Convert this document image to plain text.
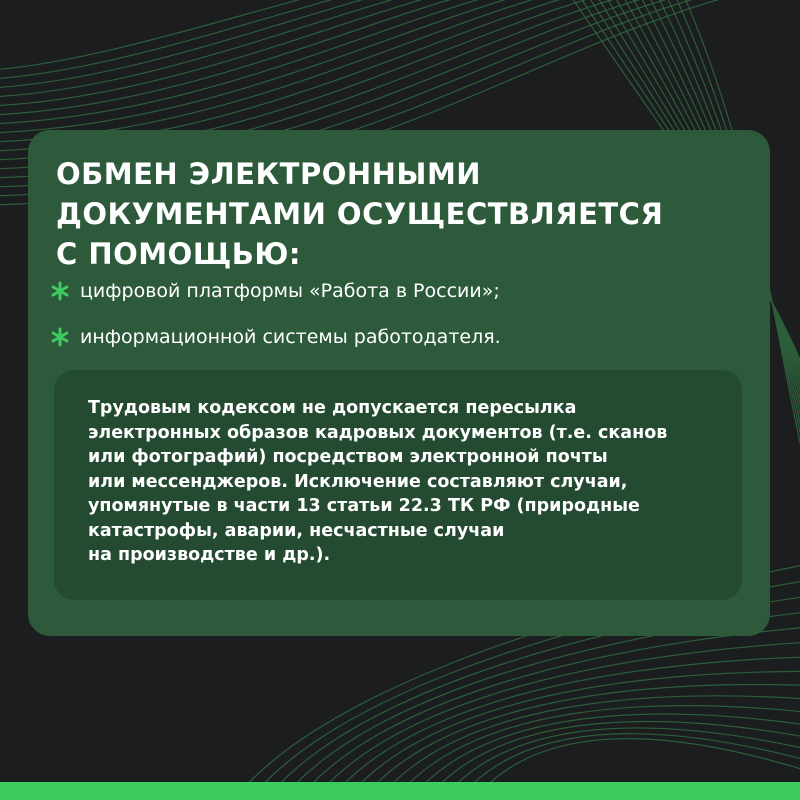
ОБМЕН ЭЛЕКТРОННЫМИ
ДОКУМЕНТАМИ ОСУЩЕСТВЛЯЕТСЯ
С ПОМОЩЬЮ:
цифровой платформы «Работа в России»;
информационной системы работодателя.

Трудовым кодексом не допускается пересылка
электронных образов кадровых документов (т.е. сканов
или фотографий) посредством электронной почты
или мессенджеров. Исключение составляют случаи,
упомянутые в части 13 статьи 22.3 ТК РФ (природные
катастрофы, аварии, несчастные случаи
на производстве и др.).
